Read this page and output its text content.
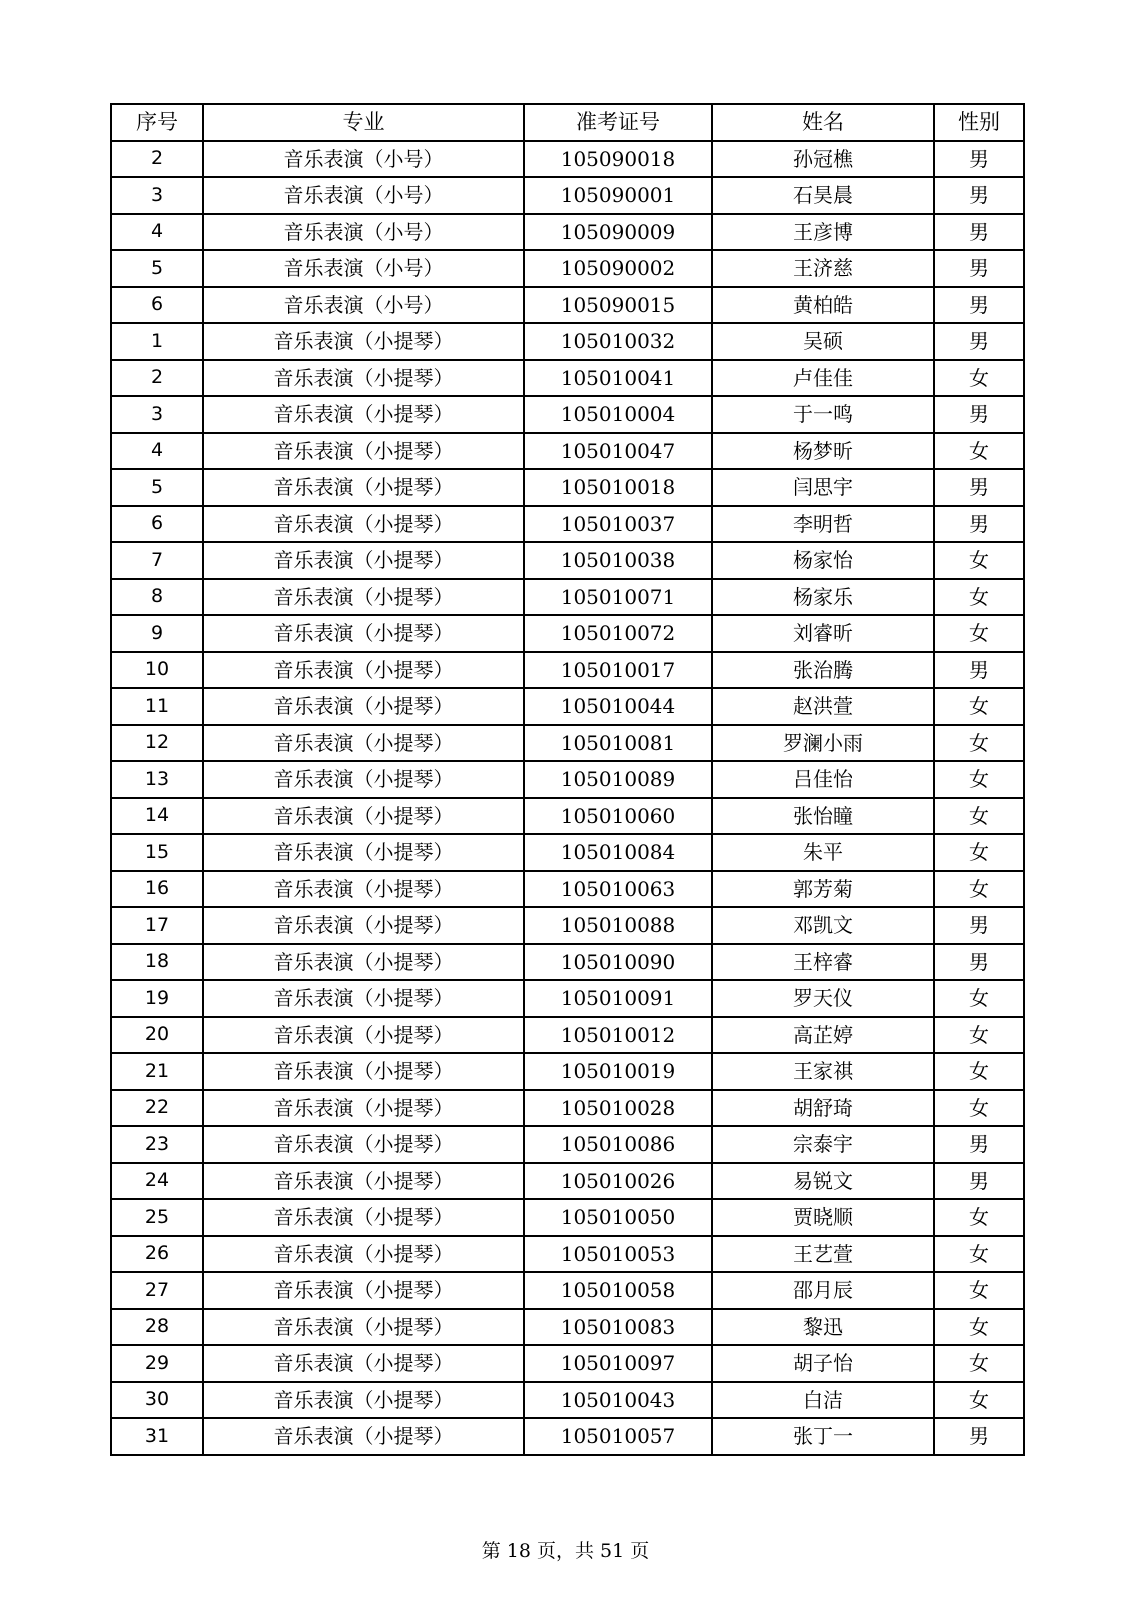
序号	专业	准考证号	姓名	性别
2	音乐表演（小号）	105090018	孙冠樵	男
3	音乐表演（小号）	105090001	石昊晨	男
4	音乐表演（小号）	105090009	王彦博	男
5	音乐表演（小号）	105090002	王济慈	男
6	音乐表演（小号）	105090015	黄柏皓	男
1	音乐表演（小提琴）	105010032	吴硕	男
2	音乐表演（小提琴）	105010041	卢佳佳	女
3	音乐表演（小提琴）	105010004	于一鸣	男
4	音乐表演（小提琴）	105010047	杨梦昕	女
5	音乐表演（小提琴）	105010018	闫思宇	男
6	音乐表演（小提琴）	105010037	李明哲	男
7	音乐表演（小提琴）	105010038	杨家怡	女
8	音乐表演（小提琴）	105010071	杨家乐	女
9	音乐表演（小提琴）	105010072	刘睿昕	女
10	音乐表演（小提琴）	105010017	张治腾	男
11	音乐表演（小提琴）	105010044	赵洪萱	女
12	音乐表演（小提琴）	105010081	罗澜小雨	女
13	音乐表演（小提琴）	105010089	吕佳怡	女
14	音乐表演（小提琴）	105010060	张怡瞳	女
15	音乐表演（小提琴）	105010084	朱平	女
16	音乐表演（小提琴）	105010063	郭芳菊	女
17	音乐表演（小提琴）	105010088	邓凯文	男
18	音乐表演（小提琴）	105010090	王梓睿	男
19	音乐表演（小提琴）	105010091	罗天仪	女
20	音乐表演（小提琴）	105010012	高芷婷	女
21	音乐表演（小提琴）	105010019	王家祺	女
22	音乐表演（小提琴）	105010028	胡舒琦	女
23	音乐表演（小提琴）	105010086	宗泰宇	男
24	音乐表演（小提琴）	105010026	易锐文	男
25	音乐表演（小提琴）	105010050	贾晓顺	女
26	音乐表演（小提琴）	105010053	王艺萱	女
27	音乐表演（小提琴）	105010058	邵月辰	女
28	音乐表演（小提琴）	105010083	黎迅	女
29	音乐表演（小提琴）	105010097	胡子怡	女
30	音乐表演（小提琴）	105010043	白洁	女
31	音乐表演（小提琴）	105010057	张丁一	男
第 18 页，共 51 页
